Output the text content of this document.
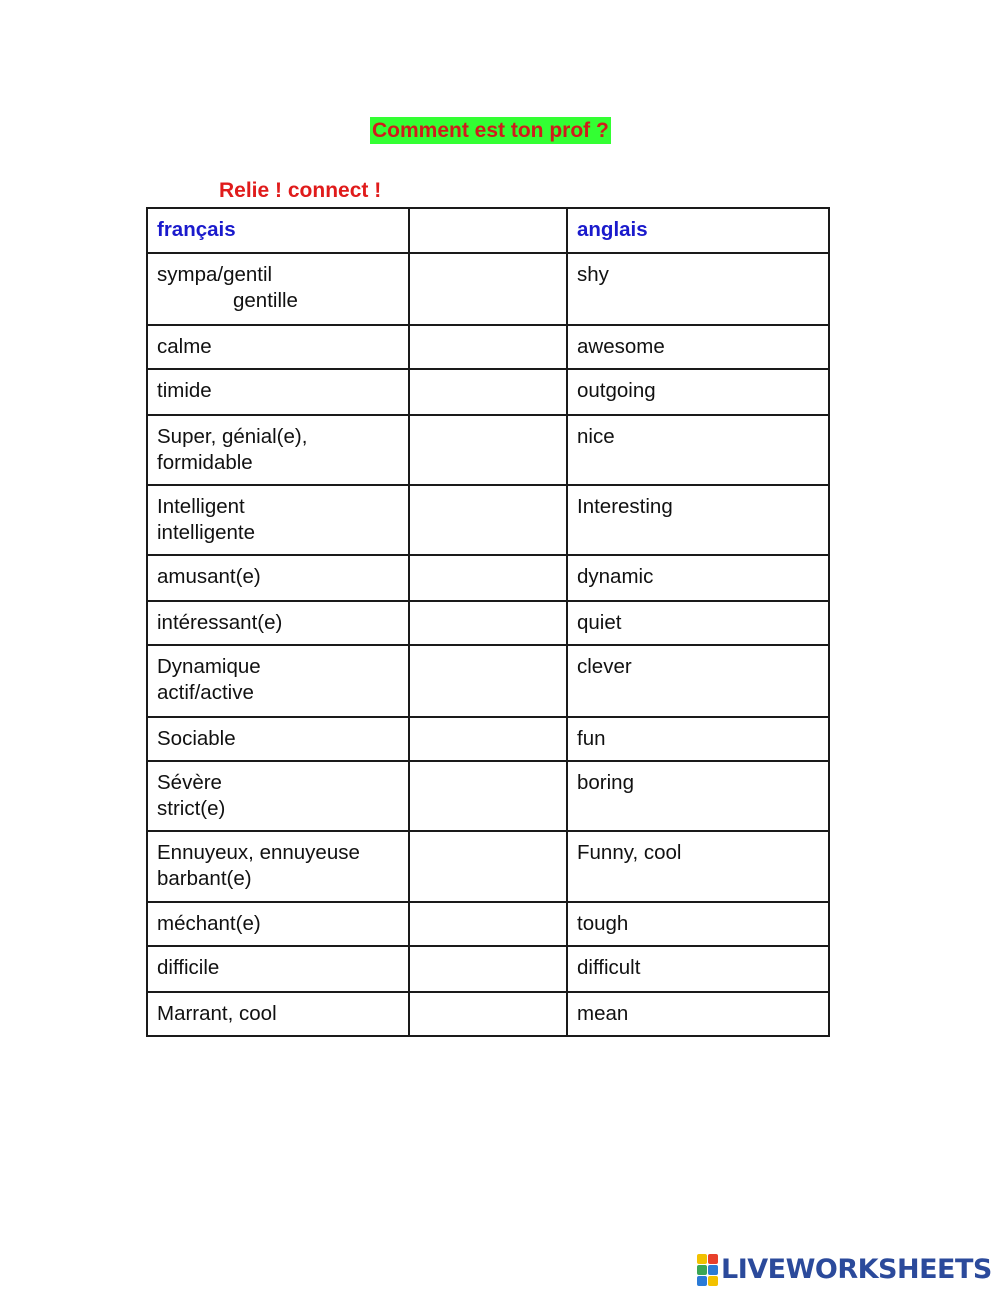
Comment est ton prof ?
Relie ! connect !
français		anglais

sympa/gentil
gentille		shy

calme		awesome

timide		outgoing

Super, génial(e),
formidable		nice

Intelligent
intelligente		Interesting

amusant(e)		dynamic

intéressant(e)		quiet

Dynamique
actif/active		clever

Sociable		fun

Sévère
strict(e)		boring

Ennuyeux, ennuyeuse
barbant(e)		Funny, cool

méchant(e)		tough

difficile		difficult

Marrant, cool		mean
LIVEWORKSHEETS
